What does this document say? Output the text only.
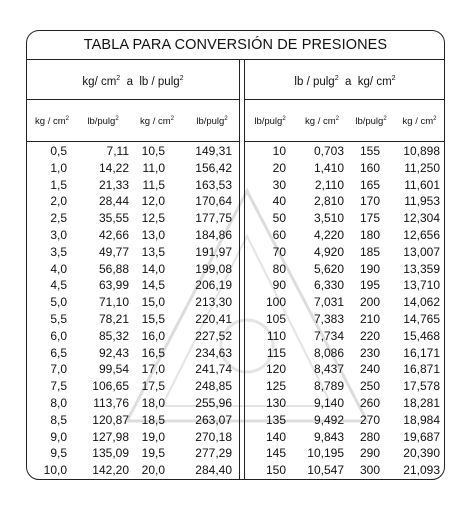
TABLA PARA CONVERSIÓN DE PRESIONES
kg/ $cm^2$  a  lb / pulg$^2$	lb / pulg$^2$  a  kg/ $cm^2$
kg / $cm^2$	lb/pulg$^2$	kg / $cm^2$	lb/pulg$^2$	lb/pulg$^2$	kg / $cm^2$	lb/pulg$^2$	kg / $cm^2$
0,5	7,11	10,5	149,31	10	0,703	155	10,898
1,0	14,22	11,0	156,42	20	1,410	160	11,250
1,5	21,33	11,5	163,53	30	2,110	165	11,601
2,0	28,44	12,0	170,64	40	2,810	170	11,953
2,5	35,55	12,5	177,75	50	3,510	175	12,304
3,0	42,66	13,0	184,86	60	4,220	180	12,656
3,5	49,77	13,5	191,97	70	4,920	185	13,007
4,0	56,88	14,0	199,08	80	5,620	190	13,359
4,5	63,99	14,5	206,19	90	6,330	195	13,710
5,0	71,10	15,0	213,30	100	7,031	200	14,062
5,5	78,21	15,5	220,41	105	7,383	210	14,765
6,0	85,32	16,0	227,52	110	7,734	220	15,468
6,5	92,43	16,5	234,63	115	8,086	230	16,171
7,0	99,54	17,0	241,74	120	8,437	240	16,871
7,5	106,65	17,5	248,85	125	8,789	250	17,578
8,0	113,76	18,0	255,96	130	9,140	260	18,281
8,5	120,87	18,5	263,07	135	9,492	270	18,984
9,0	127,98	19,0	270,18	140	9,843	280	19,687
9,5	135,09	19,5	277,29	145	10,195	290	20,390
10,0	142,20	20,0	284,40	150	10,547	300	21,093
